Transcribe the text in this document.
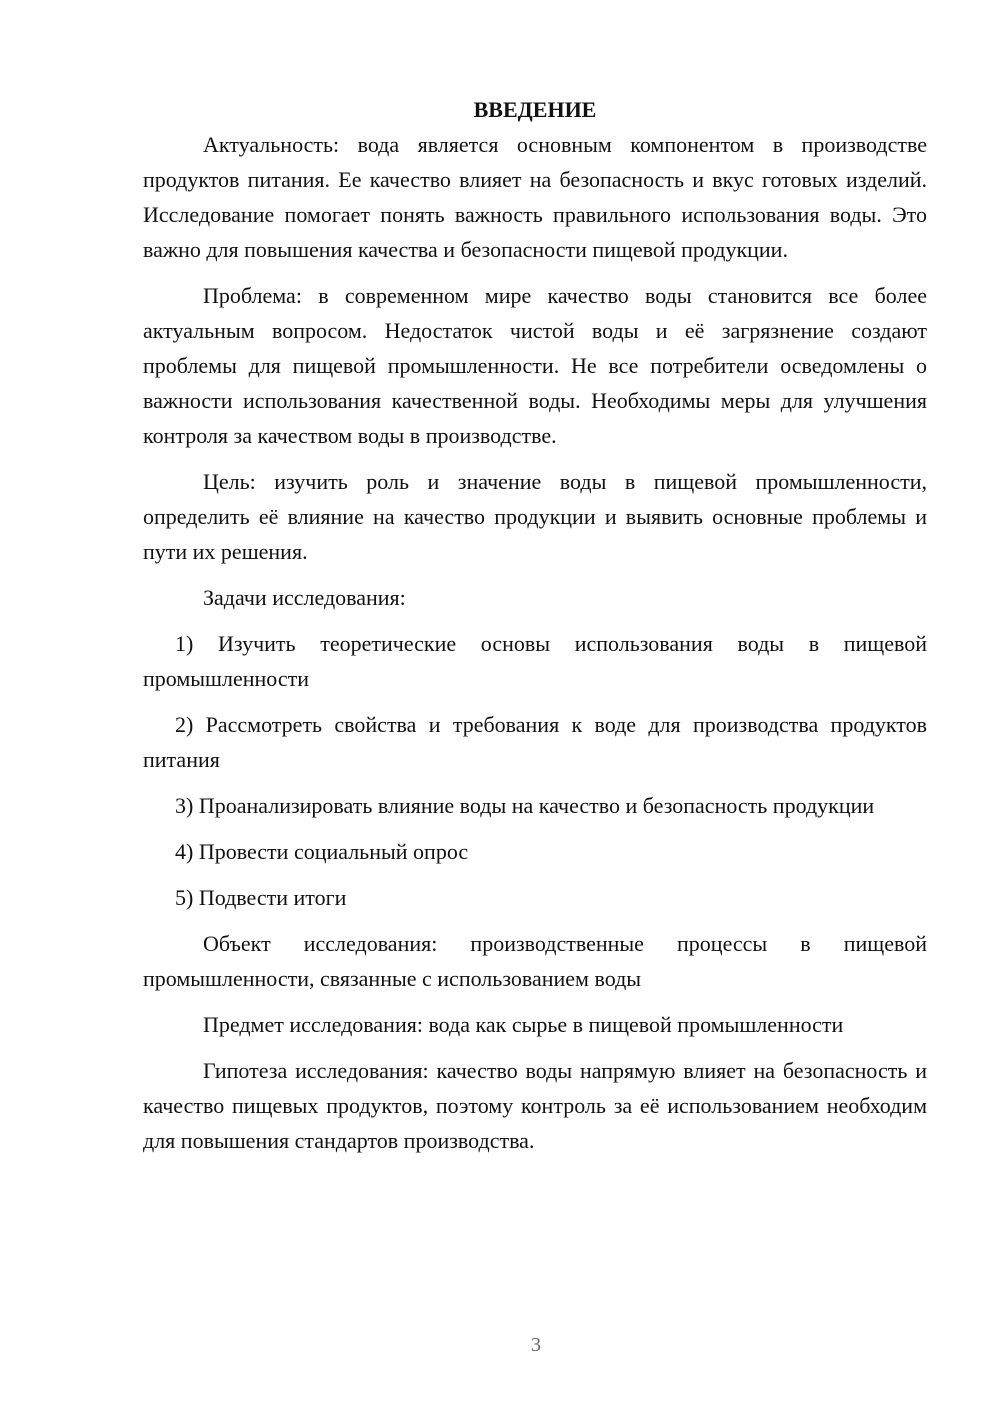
ВВЕДЕНИЕ

Актуальность: вода является основным компонентом в производстве продуктов питания. Ее качество влияет на безопасность и вкус готовых изделий. Исследование помогает понять важность правильного использования воды. Это важно для повышения качества и безопасности пищевой продукции.

Проблема: в современном мире качество воды становится все более актуальным вопросом. Недостаток чистой воды и её загрязнение создают проблемы для пищевой промышленности. Не все потребители осведомлены о важности использования качественной воды. Необходимы меры для улучшения контроля за качеством воды в производстве.

Цель: изучить роль и значение воды в пищевой промышленности, определить её влияние на качество продукции и выявить основные проблемы и пути их решения.

Задачи исследования:

1) Изучить теоретические основы использования воды в пищевой промышленности

2) Рассмотреть свойства и требования к воде для производства продуктов питания

3) Проанализировать влияние воды на качество и безопасность продукции

4) Провести социальный опрос

5) Подвести итоги

Объект исследования: производственные процессы в пищевой промышленности, связанные с использованием воды

Предмет исследования: вода как сырье в пищевой промышленности

Гипотеза исследования: качество воды напрямую влияет на безопасность и качество пищевых продуктов, поэтому контроль за её использованием необходим для повышения стандартов производства.

3
